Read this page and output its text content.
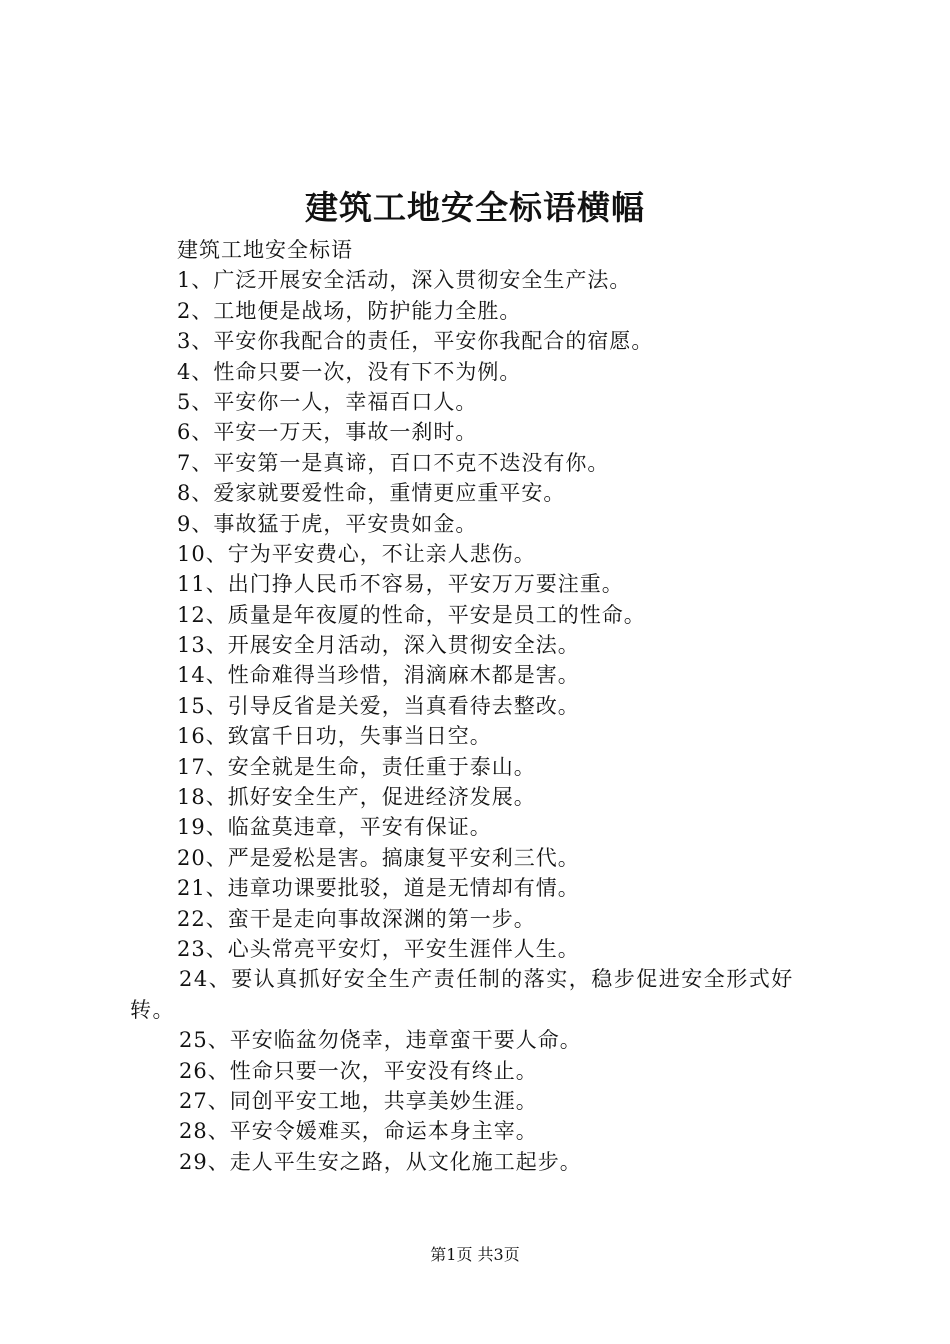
建筑工地安全标语横幅
建筑工地安全标语
1、广泛开展安全活动，深入贯彻安全生产法。
2、工地便是战场，防护能力全胜。
3、平安你我配合的责任，平安你我配合的宿愿。
4、性命只要一次，没有下不为例。
5、平安你一人，幸福百口人。
6、平安一万天，事故一刹时。
7、平安第一是真谛，百口不克不迭没有你。
8、爱家就要爱性命，重情更应重平安。
9、事故猛于虎，平安贵如金。
10、宁为平安费心，不让亲人悲伤。
11、出门挣人民币不容易，平安万万要注重。
12、质量是年夜厦的性命，平安是员工的性命。
13、开展安全月活动，深入贯彻安全法。
14、性命难得当珍惜，涓滴麻木都是害。
15、引导反省是关爱，当真看待去整改。
16、致富千日功，失事当日空。
17、安全就是生命，责任重于泰山。
18、抓好安全生产，促进经济发展。
19、临盆莫违章，平安有保证。
20、严是爱松是害。搞康复平安利三代。
21、违章功课要批驳，道是无情却有情。
22、蛮干是走向事故深渊的第一步。
23、心头常亮平安灯，平安生涯伴人生。
24、要认真抓好安全生产责任制的落实，稳步促进安全形式好转。
25、平安临盆勿侥幸，违章蛮干要人命。
26、性命只要一次，平安没有终止。
27、同创平安工地，共享美妙生涯。
28、平安令媛难买，命运本身主宰。
29、走人平生安之路，从文化施工起步。
第1页 共3页
